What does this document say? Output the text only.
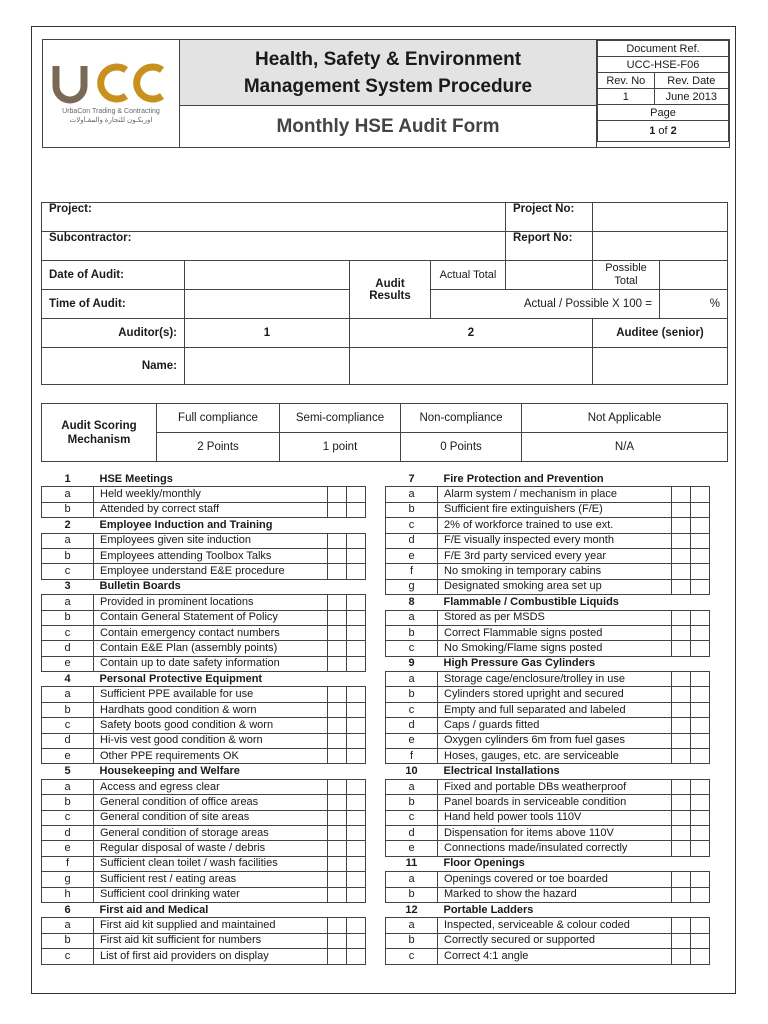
UrbaCon Trading & Contracting
اوربكـون للتجارة والمقـاولات

Health, Safety & Environment
Management System Procedure

Document Ref.
UCC-HSE-F06
Rev. No	Rev. Date
1	June 2013
Page
1 of 2

Monthly HSE Audit Form
Project:				Project No:		
Subcontractor:				Report No:		
Date of Audit:		Audit Results	Actual Total		Possible Total	
Time of Audit:			Actual / Possible X 100 =			%
Auditor(s):	1	2			Auditee (senior)	
Name:						
Audit Scoring Mechanism	Full compliance	Semi-compliance	Non-compliance	Not Applicable
	2 Points	1 point	0 Points	N/A
1	HSE Meetings		
a	Held weekly/monthly		
b	Attended by correct staff		
2	Employee Induction and Training		
a	Employees given site induction		
b	Employees attending Toolbox Talks		
c	Employee understand E&E procedure		
3	Bulletin Boards		
a	Provided in prominent locations		
b	Contain General Statement of Policy		
c	Contain emergency contact numbers		
d	Contain E&E Plan (assembly points)		
e	Contain up to date safety information		
4	Personal Protective Equipment		
a	Sufficient PPE available for use		
b	Hardhats good condition & worn		
c	Safety boots good condition & worn		
d	Hi-vis vest good condition & worn		
e	Other PPE requirements OK		
5	Housekeeping and Welfare		
a	Access and egress clear		
b	General condition of office areas		
c	General condition of site areas		
d	General condition of storage areas		
e	Regular disposal of waste / debris		
f	Sufficient clean toilet / wash facilities		
g	Sufficient rest / eating areas		
h	Sufficient cool drinking water		
6	First aid and Medical		
a	First aid kit supplied and maintained		
b	First aid kit sufficient for numbers		
c	List of first aid providers on display		
7	Fire Protection and Prevention		
a	Alarm system / mechanism in place		
b	Sufficient fire extinguishers (F/E)		
c	2% of workforce trained to use ext.		
d	F/E visually inspected every month		
e	F/E 3rd party serviced every year		
f	No smoking in temporary cabins		
g	Designated smoking area set up		
8	Flammable / Combustible Liquids		
a	Stored as per MSDS		
b	Correct Flammable signs posted		
c	No Smoking/Flame signs posted		
9	High Pressure Gas Cylinders		
a	Storage cage/enclosure/trolley in use		
b	Cylinders stored upright and secured		
c	Empty and full separated and labeled		
d	Caps / guards fitted		
e	Oxygen cylinders 6m from fuel gases		
f	Hoses, gauges, etc. are serviceable		
10	Electrical Installations		
a	Fixed and portable DBs weatherproof		
b	Panel boards in serviceable condition		
c	Hand held power tools 110V		
d	Dispensation for items above 110V		
e	Connections made/insulated correctly		
11	Floor Openings		
a	Openings covered or toe boarded		
b	Marked to show the hazard		
12	Portable Ladders		
a	Inspected, serviceable & colour coded		
b	Correctly secured or supported		
c	Correct 4:1 angle		
